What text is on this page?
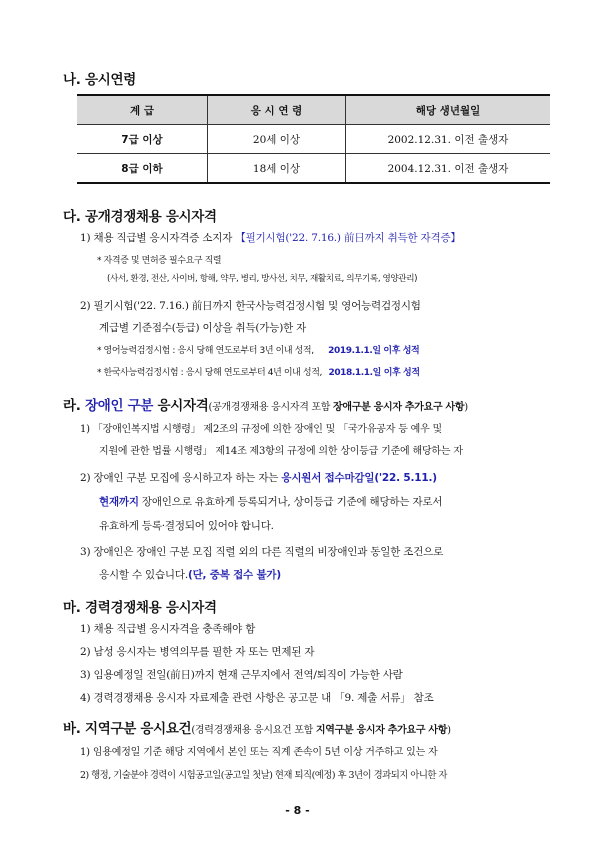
나. 응시연령
계 급	응 시 연 령	해당 생년월일
7급 이상	20세 이상	2002.12.31. 이전 출생자
8급 이하	18세 이상	2004.12.31. 이전 출생자
다. 공개경쟁채용 응시자격
1) 채용 직급별 응시자격증 소지자 【필기시험('22. 7.16.) 前日까지 취득한 자격증】
* 자격증 및 면허증 필수요구 직렬
(사서, 환경, 전산, 사이버, 항해, 약무, 병리, 방사선, 치무, 재활치료, 의무기록, 영양관리)
2) 필기시험('22. 7.16.) 前日까지 한국사능력검정시험 및 영어능력검정시험
계급별 기준점수(등급) 이상을 취득(가능)한 자
* 영어능력검정시험 : 응시 당해 연도로부터 3년 이내 성적, 2019.1.1.일 이후 성적
* 한국사능력검정시험 : 응시 당해 연도로부터 4년 이내 성적, 2018.1.1.일 이후 성적
라. 장애인 구분 응시자격(공개경쟁채용 응시자격 포함 장애구분 응시자 추가요구 사항)
1) 「장애인복지법 시행령」 제2조의 규정에 의한 장애인 및 「국가유공자 등 예우 및
지원에 관한 법률 시행령」 제14조 제3항의 규정에 의한 상이등급 기준에 해당하는 자
2) 장애인 구분 모집에 응시하고자 하는 자는 응시원서 접수마감일('22. 5.11.)
현재까지 장애인으로 유효하게 등록되거나, 상이등급 기준에 해당하는 자로서
유효하게 등록·결정되어 있어야 합니다.
3) 장애인은 장애인 구분 모집 직렬 외의 다른 직렬의 비장애인과 동일한 조건으로
응시할 수 있습니다.(단, 중복 접수 불가)
마. 경력경쟁채용 응시자격
1) 채용 직급별 응시자격을 충족해야 함
2) 남성 응시자는 병역의무를 필한 자 또는 면제된 자
3) 임용예정일 전일(前日)까지 현재 근무지에서 전역/퇴직이 가능한 사람
4) 경력경쟁채용 응시자 자료제출 관련 사항은 공고문 내 「9. 제출 서류」 참조
바. 지역구분 응시요건(경력경쟁채용 응시요건 포함 지역구분 응시자 추가요구 사항)
1) 임용예정일 기준 해당 지역에서 본인 또는 직계 존속이 5년 이상 거주하고 있는 자
2) 행정, 기술분야 경력이 시험공고일(공고일 첫날) 현재 퇴직(예정) 후 3년이 경과되지 아니한 자
- 8 -
